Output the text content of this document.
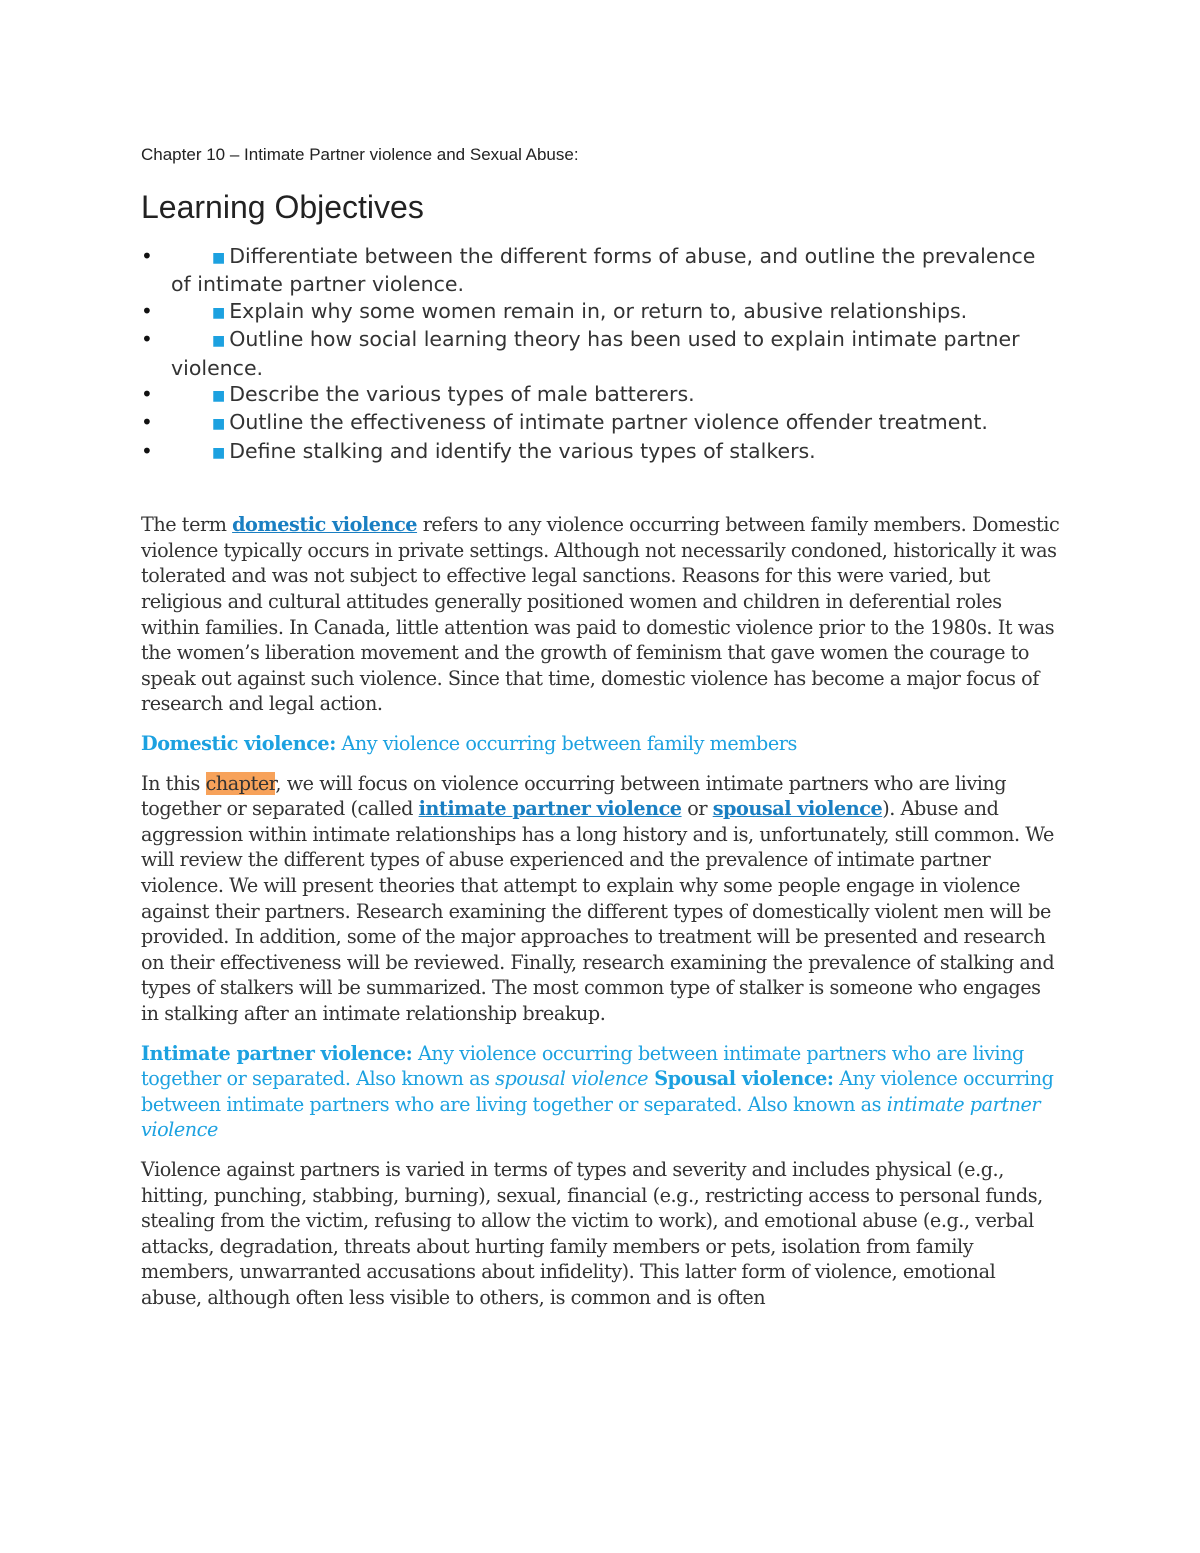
Chapter 10 – Intimate Partner violence and Sexual Abuse:

Learning Objectives
• ■ Differentiate between the different forms of abuse, and outline the prevalence of intimate partner violence.
• ■ Explain why some women remain in, or return to, abusive relationships.
• ■ Outline how social learning theory has been used to explain intimate partner violence.
• ■ Describe the various types of male batterers.
• ■ Outline the effectiveness of intimate partner violence offender treatment.
• ■ Define stalking and identify the various types of stalkers.

The term domestic violence refers to any violence occurring between family members. Domestic violence typically occurs in private settings. Although not necessarily condoned, historically it was tolerated and was not subject to effective legal sanctions. Reasons for this were varied, but religious and cultural attitudes generally positioned women and children in deferential roles within families. In Canada, little attention was paid to domestic violence prior to the 1980s. It was the women’s liberation movement and the growth of feminism that gave women the courage to speak out against such violence. Since that time, domestic violence has become a major focus of research and legal action.

Domestic violence: Any violence occurring between family members

In this chapter, we will focus on violence occurring between intimate partners who are living together or separated (called intimate partner violence or spousal violence). Abuse and aggression within intimate relationships has a long history and is, unfortunately, still common. We will review the different types of abuse experienced and the prevalence of intimate partner violence. We will present theories that attempt to explain why some people engage in violence against their partners. Research examining the different types of domestically violent men will be provided. In addition, some of the major approaches to treatment will be presented and research on their effectiveness will be reviewed. Finally, research examining the prevalence of stalking and types of stalkers will be summarized. The most common type of stalker is someone who engages in stalking after an intimate relationship breakup.

Intimate partner violence: Any violence occurring between intimate partners who are living together or separated. Also known as spousal violence Spousal violence: Any violence occurring between intimate partners who are living together or separated. Also known as intimate partner violence

Violence against partners is varied in terms of types and severity and includes physical (e.g., hitting, punching, stabbing, burning), sexual, financial (e.g., restricting access to personal funds, stealing from the victim, refusing to allow the victim to work), and emotional abuse (e.g., verbal attacks, degradation, threats about hurting family members or pets, isolation from family members, unwarranted accusations about infidelity). This latter form of violence, emotional abuse, although often less visible to others, is common and is often
